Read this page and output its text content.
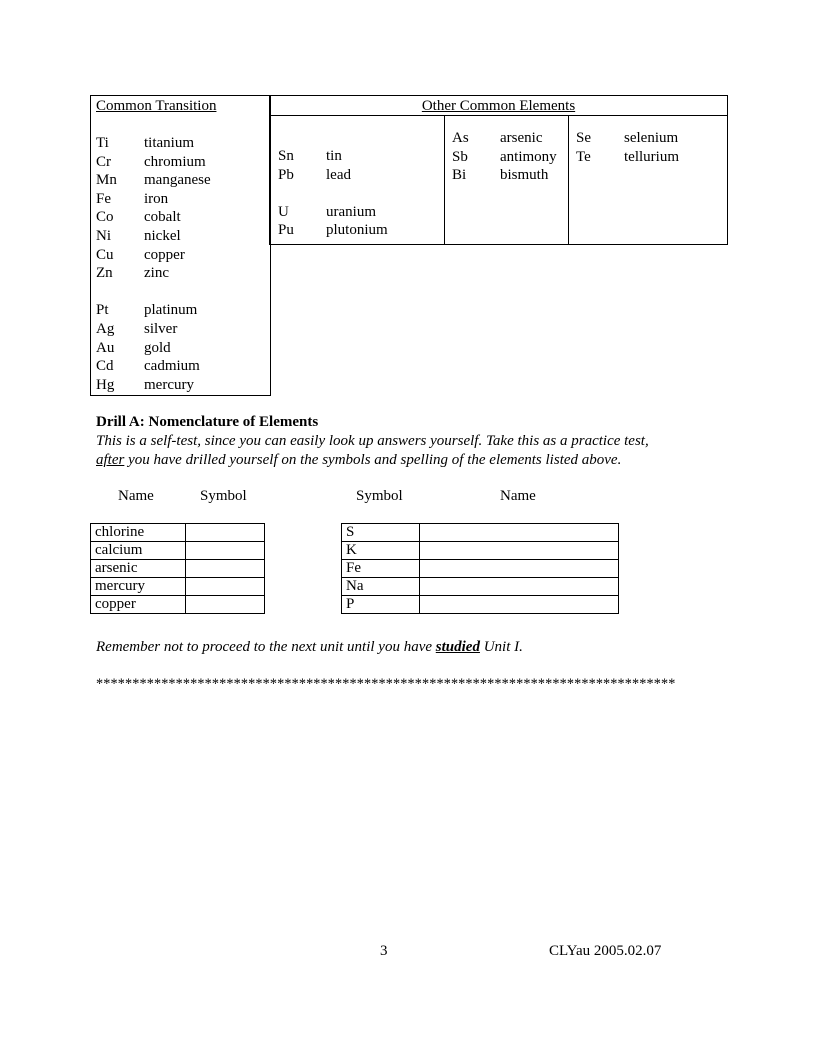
Common Transition
Ti titanium
Cr chromium
Mn manganese
Fe iron
Co cobalt
Ni nickel
Cu copper
Zn zinc
Pt platinum
Ag silver
Au gold
Cd cadmium
Hg mercury
Other Common Elements
Sn tin
Pb lead
U uranium
Pu plutonium
As arsenic
Sb antimony
Bi bismuth
Se selenium
Te tellurium
Drill A: Nomenclature of Elements
This is a self-test, since you can easily look up answers yourself. Take this as a practice test,
after you have drilled yourself on the symbols and spelling of the elements listed above.
Name	Symbol	Symbol	Name
chlorine	
calcium	
arsenic	
mercury	
copper	
S	
K	
Fe	
Na	
P	
Remember not to proceed to the next unit until you have studied Unit I.
********************************************************************************
3	CLYau 2005.02.07
